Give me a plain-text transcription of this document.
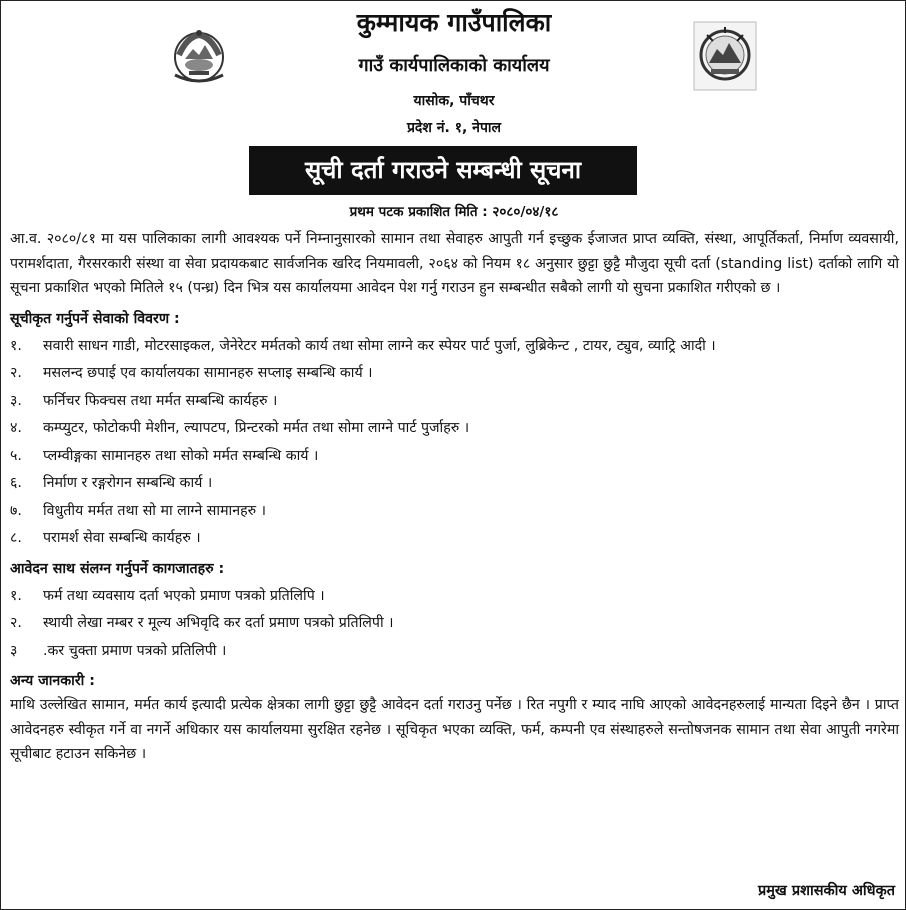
कुम्मायक गाउँपालिका
गाउँ कार्यपालिकाको कार्यालय
यासोक, पाँचथर
प्रदेश नं. १, नेपाल
सूची दर्ता गराउने सम्बन्धी सूचना
प्रथम पटक प्रकाशित मिति : २०८०/०४/१८

आ.व. २०८०/८१ मा यस पालिकाका लागी आवश्यक पर्ने निम्नानुसारको सामान तथा सेवाहरु आपुती गर्न इच्छुक ईजाजत प्राप्त व्यक्ति, संस्था, आपूर्तिकर्ता, निर्माण व्यवसायी, परामर्शदाता, गैरसरकारी संस्था वा सेवा प्रदायकबाट सार्वजनिक खरिद नियमावली, २०६४ को नियम १८ अनुसार छुट्टा छुट्टै मौजुदा सूची दर्ता (standing list) दर्ताको लागि यो सूचना प्रकाशित भएको मितिले १५ (पन्ध्र) दिन भित्र यस कार्यालयमा आवेदन पेश गर्नु गराउन हुन सम्बन्धीत सबैको लागी यो सुचना प्रकाशित गरीएको छ ।

सूचीकृत गर्नुपर्ने सेवाको विवरण :
१. सवारी साधन गाडी, मोटरसाइकल, जेनेरेटर मर्मतको कार्य तथा सोमा लाग्ने कर स्पेयर पार्ट पुर्जा, लुब्रिकेन्ट , टायर, ट्युव, व्याट्रि आदी ।
२. मसलन्द छपाई एव कार्यालयका सामानहरु सप्लाइ सम्बन्धि कार्य ।
३. फर्निचर फिक्चस तथा मर्मत सम्बन्धि कार्यहरु ।
४. कम्प्युटर, फोटोकपी मेशीन, ल्यापटप, प्रिन्टरको मर्मत तथा सोमा लाग्ने पार्ट पुर्जाहरु ।
५. प्लम्वीङ्गका सामानहरु तथा सोको मर्मत सम्बन्धि कार्य ।
६. निर्माण र रङ्गरोगन सम्बन्धि कार्य ।
७. विधुतीय मर्मत तथा सो मा लाग्ने सामानहरु ।
८. परामर्श सेवा सम्बन्धि कार्यहरु ।
आवेदन साथ संलग्न गर्नुपर्ने कागजातहरु :
१. फर्म तथा व्यवसाय दर्ता भएको प्रमाण पत्रको प्रतिलिपि ।
२. स्थायी लेखा नम्बर र मूल्य अभिवृदि कर दर्ता प्रमाण पत्रको प्रतिलिपी ।
३ .कर चुक्ता प्रमाण पत्रको प्रतिलिपी ।
अन्य जानकारी :

माथि उल्लेखित सामान, मर्मत कार्य इत्यादी प्रत्येक क्षेत्रका लागी छुट्टा छुट्टै आवेदन दर्ता गराउनु पर्नेछ । रित नपुगी र म्याद नाघि आएको आवेदनहरुलाई मान्यता दिइने छैन । प्राप्त आवेदनहरु स्वीकृत गर्ने वा नगर्ने अधिकार यस कार्यालयमा सुरक्षित रहनेछ । सूचिकृत भएका व्यक्ति, फर्म, कम्पनी एव संस्थाहरुले सन्तोषजनक सामान तथा सेवा आपुती नगरेमा सूचीबाट हटाउन सकिनेछ ।

प्रमुख प्रशासकीय अधिकृत
